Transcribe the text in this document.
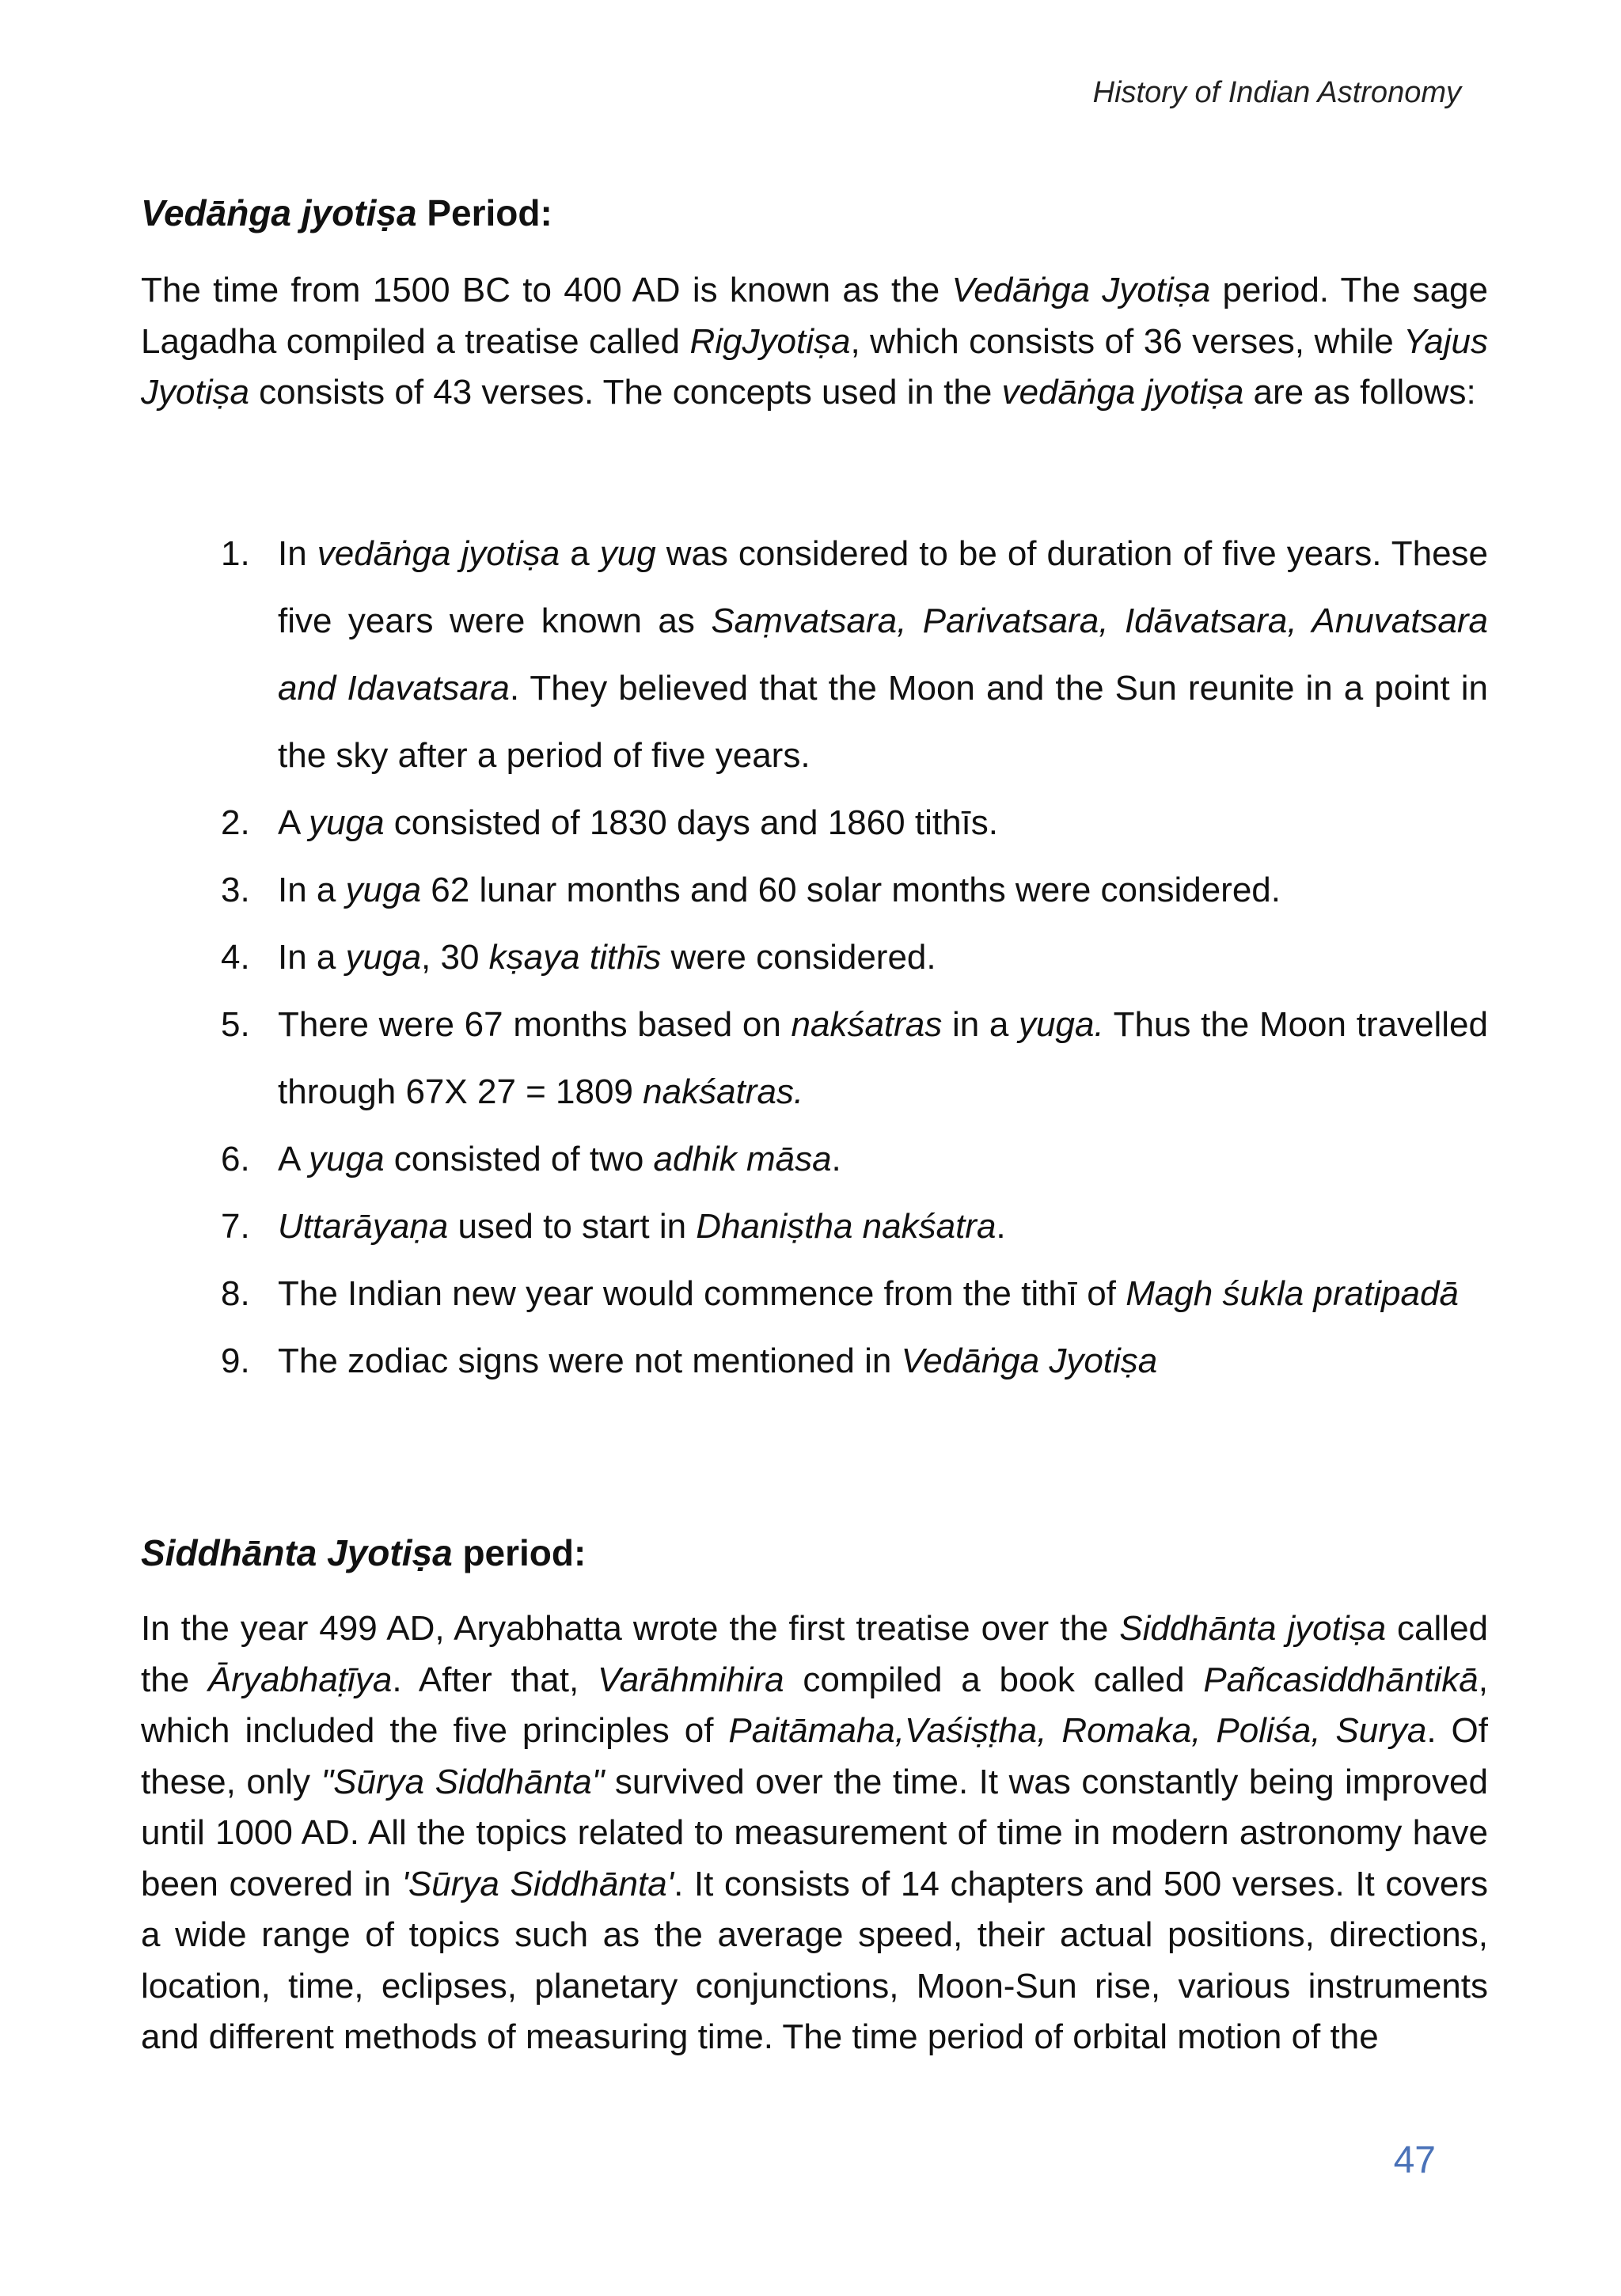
History of Indian Astronomy
Vedāṅga jyotiṣa Period:

The time from 1500 BC to 400 AD is known as the Vedāṅga Jyotiṣa period. The sage Lagadha compiled a treatise called RigJyotiṣa, which consists of 36 verses, while Yajus Jyotiṣa consists of 43 verses. The concepts used in the vedāṅga jyotiṣa are as follows:

1. In vedāṅga jyotiṣa a yug was considered to be of duration of five years. These five years were known as Saṃvatsara, Parivatsara, Idāvatsara, Anuvatsara and Idavatsara. They believed that the Moon and the Sun reunite in a point in the sky after a period of five years.
2. A yuga consisted of 1830 days and 1860 tithīs.
3. In a yuga 62 lunar months and 60 solar months were considered.
4. In a yuga, 30 kṣaya tithīs were considered.
5. There were 67 months based on nakśatras in a yuga. Thus the Moon travelled through 67X 27 = 1809 nakśatras.
6. A yuga consisted of two adhik māsa.
7. Uttarāyaṇa used to start in Dhaniṣtha nakśatra.
8. The Indian new year would commence from the tithī of Magh śukla pratipadā
9. The zodiac signs were not mentioned in Vedāṅga Jyotiṣa
Siddhānta Jyotiṣa period:

In the year 499 AD, Aryabhatta wrote the first treatise over the Siddhānta jyotiṣa called the Āryabhaṭīya. After that, Varāhmihira compiled a book called Pañcasiddhāntikā, which included the five principles of Paitāmaha,Vaśiṣṭha, Romaka, Poliśa, Surya. Of these, only "Sūrya Siddhānta" survived over the time. It was constantly being improved until 1000 AD. All the topics related to measurement of time in modern astronomy have been covered in 'Sūrya Siddhānta'. It consists of 14 chapters and 500 verses. It covers a wide range of topics such as the average speed, their actual positions, directions, location, time, eclipses, planetary conjunctions, Moon-Sun rise, various instruments and different methods of measuring time. The time period of orbital motion of the

47
